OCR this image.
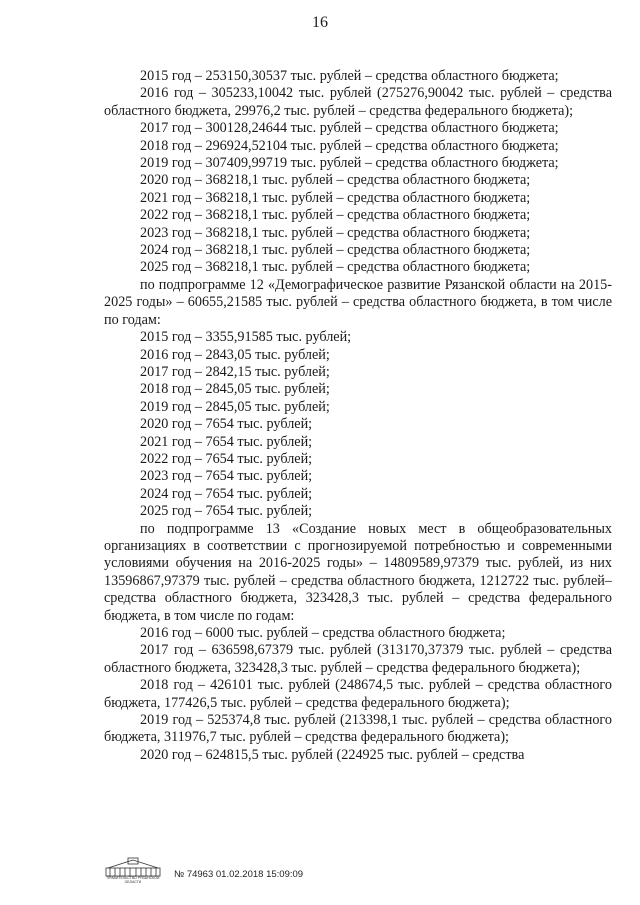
16

2015 год – 253150,30537 тыс. рублей – средства областного бюджета;

2016 год – 305233,10042 тыс. рублей (275276,90042 тыс. рублей – средства областного бюджета, 29976,2 тыс. рублей – средства федерального бюджета);

2017 год – 300128,24644 тыс. рублей – средства областного бюджета;

2018 год – 296924,52104 тыс. рублей – средства областного бюджета;

2019 год – 307409,99719 тыс. рублей – средства областного бюджета;

2020 год – 368218,1 тыс. рублей – средства областного бюджета;

2021 год – 368218,1 тыс. рублей – средства областного бюджета;

2022 год – 368218,1 тыс. рублей – средства областного бюджета;

2023 год – 368218,1 тыс. рублей – средства областного бюджета;

2024 год – 368218,1 тыс. рублей – средства областного бюджета;

2025 год – 368218,1 тыс. рублей – средства областного бюджета;

по подпрограмме 12 «Демографическое развитие Рязанской области на 2015-2025 годы» – 60655,21585 тыс. рублей – средства областного бюджета, в том числе по годам:

2015 год – 3355,91585 тыс. рублей;

2016 год – 2843,05 тыс. рублей;

2017 год – 2842,15 тыс. рублей;

2018 год – 2845,05 тыс. рублей;

2019 год – 2845,05 тыс. рублей;

2020 год – 7654 тыс. рублей;

2021 год – 7654 тыс. рублей;

2022 год – 7654 тыс. рублей;

2023 год – 7654 тыс. рублей;

2024 год – 7654 тыс. рублей;

2025 год – 7654 тыс. рублей;

по подпрограмме 13 «Создание новых мест в общеобразовательных организациях в соответствии с прогнозируемой потребностью и современными условиями обучения на 2016-2025 годы» – 14809589,97379 тыс. рублей, из них 13596867,97379 тыс. рублей – средства областного бюджета, 1212722 тыс. рублей– средства областного бюджета, 323428,3 тыс. рублей – средства федерального бюджета, в том числе по годам:

2016 год – 6000 тыс. рублей – средства областного бюджета;

2017 год – 636598,67379 тыс. рублей (313170,37379 тыс. рублей – средства областного бюджета, 323428,3 тыс. рублей – средства федерального бюджета);

2018 год – 426101 тыс. рублей (248674,5 тыс. рублей – средства областного бюджета, 177426,5 тыс. рублей – средства федерального бюджета);

2019 год – 525374,8 тыс. рублей (213398,1 тыс. рублей – средства областного бюджета, 311976,7 тыс. рублей – средства федерального бюджета);

2020 год – 624815,5 тыс. рублей (224925 тыс. рублей – средства

ПРАВИТЕЛЬСТВО РЯЗАНСКОЙ ОБЛАСТИ
№ 74963 01.02.2018 15:09:09
